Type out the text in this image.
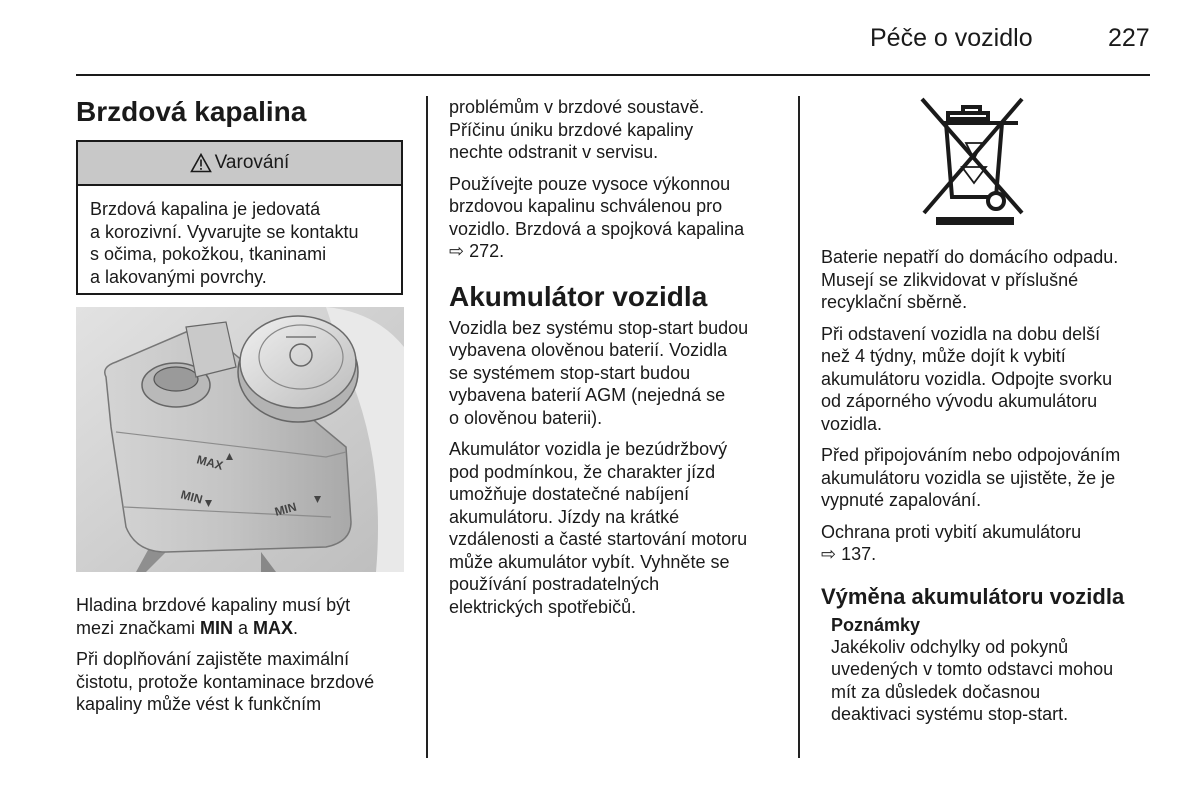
Péče o vozidlo	227
Brzdová kapalina
Varování
Brzdová kapalina je jedovatá
a korozivní. Vyvarujte se kontaktu
s očima, pokožkou, tkaninami
a lakovanými povrchy.
MAX
MIN
MIN

Hladina brzdové kapaliny musí být
mezi značkami MIN a MAX.

Při doplňování zajistěte maximální
čistotu, protože kontaminace brzdové
kapaliny může vést k funkčním

problémům v brzdové soustavě.
Příčinu úniku brzdové kapaliny
nechte odstranit v servisu.

Používejte pouze vysoce výkonnou
brzdovou kapalinu schválenou pro
vozidlo. Brzdová a spojková kapalina
⇨ 272.

Akumulátor vozidla

Vozidla bez systému stop-start budou
vybavena olověnou baterií. Vozidla
se systémem stop-start budou
vybavena baterií AGM (nejedná se
o olověnou baterii).

Akumulátor vozidla je bezúdržbový
pod podmínkou, že charakter jízd
umožňuje dostatečné nabíjení
akumulátoru. Jízdy na krátké
vzdálenosti a časté startování motoru
může akumulátor vybít. Vyhněte se
používání postradatelných
elektrických spotřebičů.

Baterie nepatří do domácího odpadu.
Musejí se zlikvidovat v příslušné
recyklační sběrně.

Při odstavení vozidla na dobu delší
než 4 týdny, může dojít k vybití
akumulátoru vozidla. Odpojte svorku
od záporného vývodu akumulátoru
vozidla.

Před připojováním nebo odpojováním
akumulátoru vozidla se ujistěte, že je
vypnuté zapalování.

Ochrana proti vybití akumulátoru
⇨ 137.

Výměna akumulátoru vozidla
Poznámky

Jakékoliv odchylky od pokynů
uvedených v tomto odstavci mohou
mít za důsledek dočasnou
deaktivaci systému stop-start.
